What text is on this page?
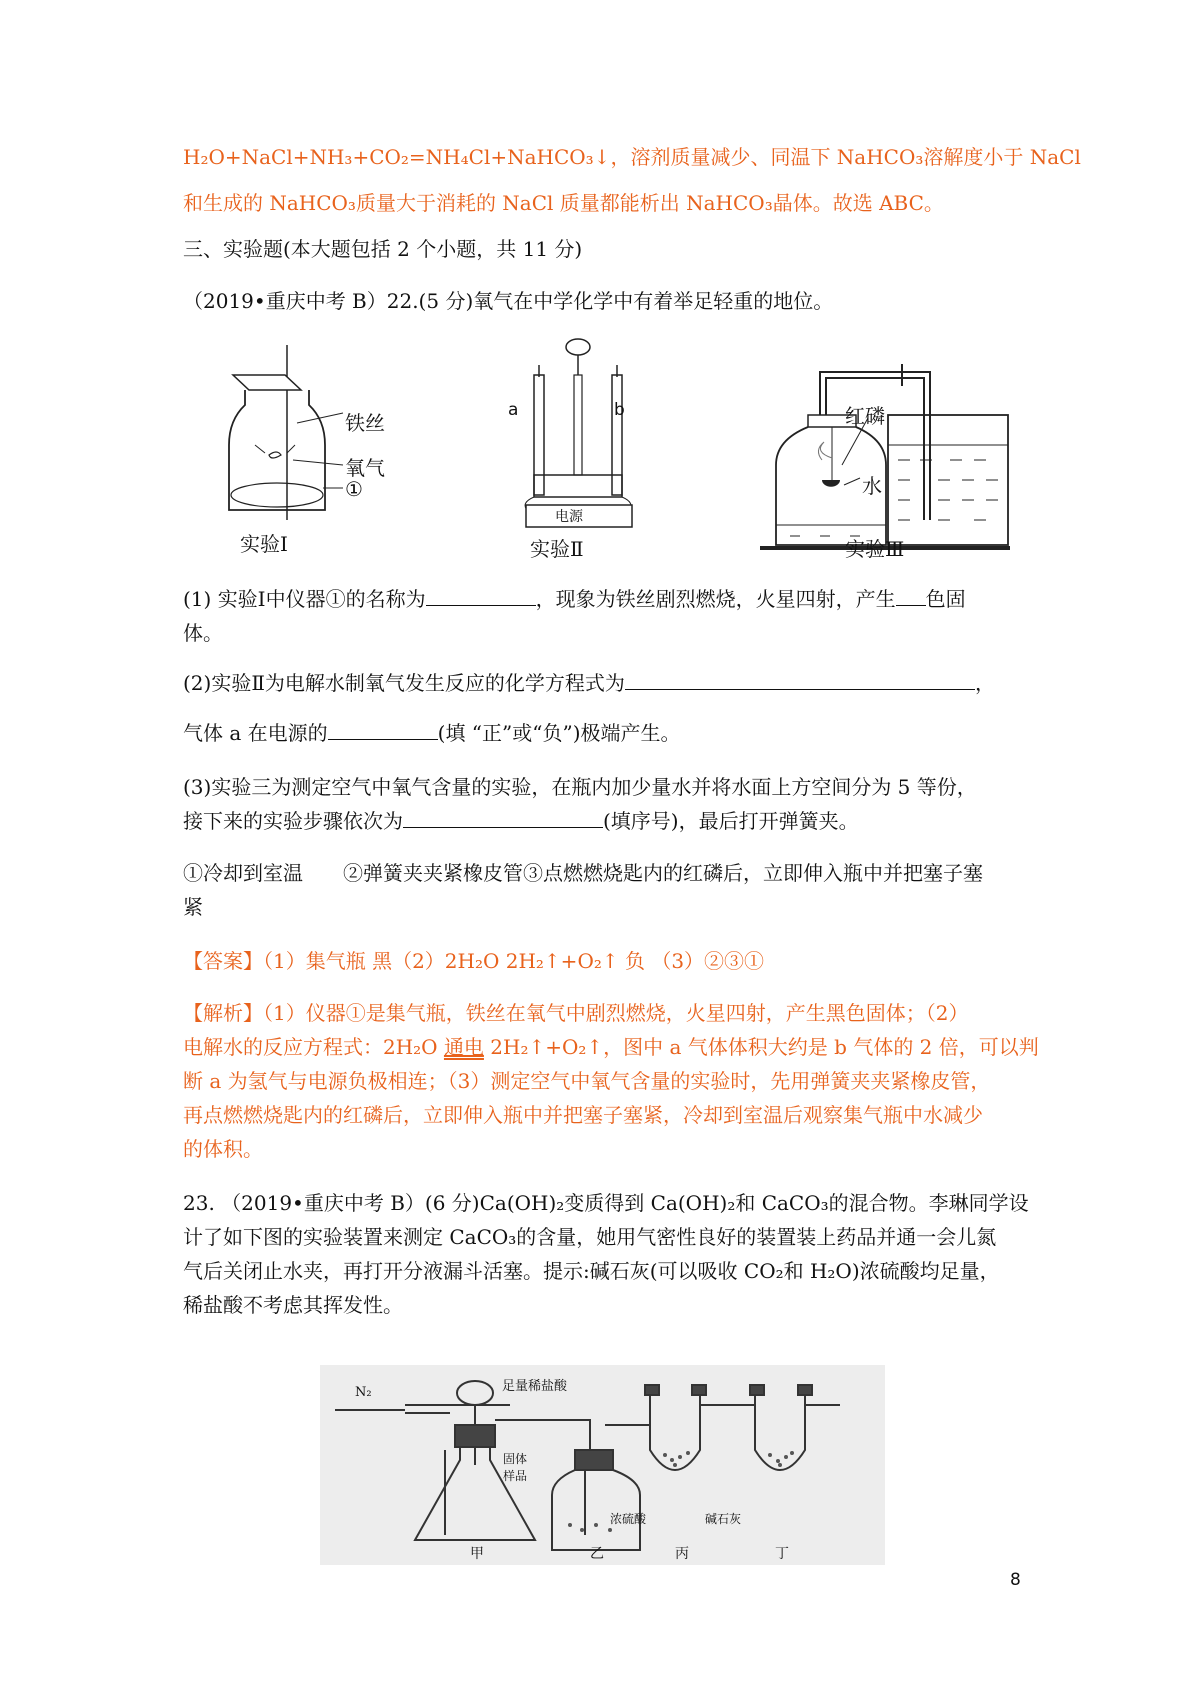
H₂O+NaCl+NH₃+CO₂=NH₄Cl+NaHCO₃↓，溶剂质量减少、同温下 NaHCO₃溶解度小于 NaCl
和生成的 NaHCO₃质量大于消耗的 NaCl 质量都能析出 NaHCO₃晶体。故选 ABC。
三、实验题(本大题包括 2 个小题，共 11 分)
（2019•重庆中考 B）22.(5 分)氧气在中学化学中有着举足轻重的地位。
铁丝
氧气
①
实验Ⅰ
a	b
电源
实验Ⅱ
红磷
水
实验Ⅲ
(1) 实验Ⅰ中仪器①的名称为	，现象为铁丝剧烈燃烧，火星四射，产生 色固
体。
(2)实验Ⅱ为电解水制氧气发生反应的化学方程式为	，
气体 a 在电源的	(填 “正”或“负”)极端产生。
(3)实验三为测定空气中氧气含量的实验，在瓶内加少量水并将水面上方空间分为 5 等份，
接下来的实验步骤依次为	(填序号)，最后打开弹簧夹。
①冷却到室温　　②弹簧夹夹紧橡皮管③点燃燃烧匙内的红磷后，立即伸入瓶中并把塞子塞
紧
【答案】（1）集气瓶 黑（2）2H₂O 2H₂↑+O₂↑ 负 （3）②③①
【解析】（1）仪器①是集气瓶，铁丝在氧气中剧烈燃烧，火星四射，产生黑色固体；（2）
电解水的反应方程式：2H₂O 通电 2H₂↑+O₂↑，图中 a 气体体积大约是 b 气体的 2 倍，可以判
断 a 为氢气与电源负极相连；（3）测定空气中氧气含量的实验时，先用弹簧夹夹紧橡皮管，
再点燃燃烧匙内的红磷后，立即伸入瓶中并把塞子塞紧，冷却到室温后观察集气瓶中水减少
的体积。
23. （2019•重庆中考 B）(6 分)Ca(OH)₂变质得到 Ca(OH)₂和 CaCO₃的混合物。李琳同学设
计了如下图的实验装置来测定 CaCO₃的含量，她用气密性良好的装置装上药品并通一会儿氮
气后关闭止水夹，再打开分液漏斗活塞。提示:碱石灰(可以吸收 CO₂和 H₂O)浓硫酸均足量，
稀盐酸不考虑其挥发性。
N₂	足量稀盐酸
固体样品
浓硫酸	碱石灰
甲	乙	丙	丁
8
